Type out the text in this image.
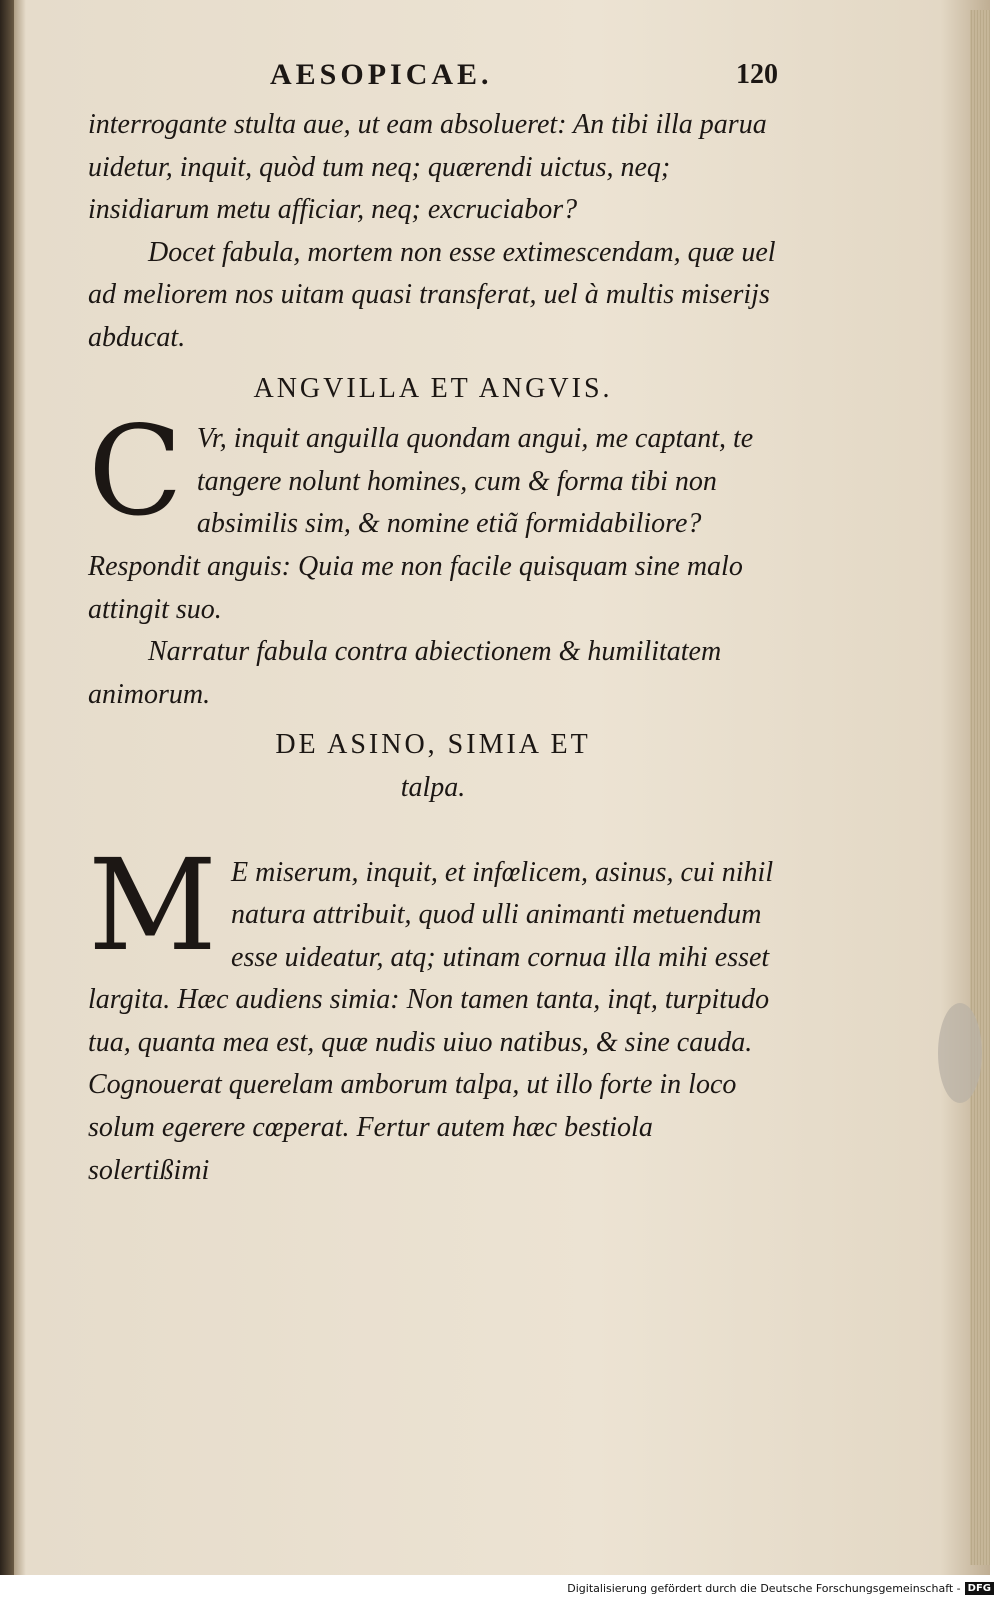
AESOPICAE.	120

interrogante stulta aue, ut eam absolueret: An tibi illa parua uidetur, inquit, quòd tum neq; quærendi uictus, neq; insidiarum metu afficiar, neq; excruciabor?

Docet fabula, mortem non esse extimescendam, quæ uel ad meliorem nos uitam quasi transferat, uel à multis miserijs abducat.

ANGVILLA ET ANGVIS.

C Vr, inquit anguilla quondam angui, me captant, te tangere nolunt homines, cum & forma tibi non absimilis sim, & nomine etiã formidabiliore? Respondit anguis: Quia me non facile quisquam sine malo attingit suo.

Narratur fabula contra abiectionem & humilitatem animorum.

DE ASINO, SIMIA ET

talpa.

M E miserum, inquit, et infœlicem, asinus, cui nihil natura attribuit, quod ulli animanti metuendum esse uideatur, atq; utinam cornua illa mihi esset largita. Hæc audiens simia: Non tamen tanta, inqt, turpitudo tua, quanta mea est, quæ nudis uiuo natibus, & sine cauda. Cognouerat querelam amborum talpa, ut illo forte in loco solum egerere cœperat. Fertur autem hæc bestiola solertißimi

Digitalisierung gefördert durch die Deutsche Forschungsgemeinschaft - DFG
